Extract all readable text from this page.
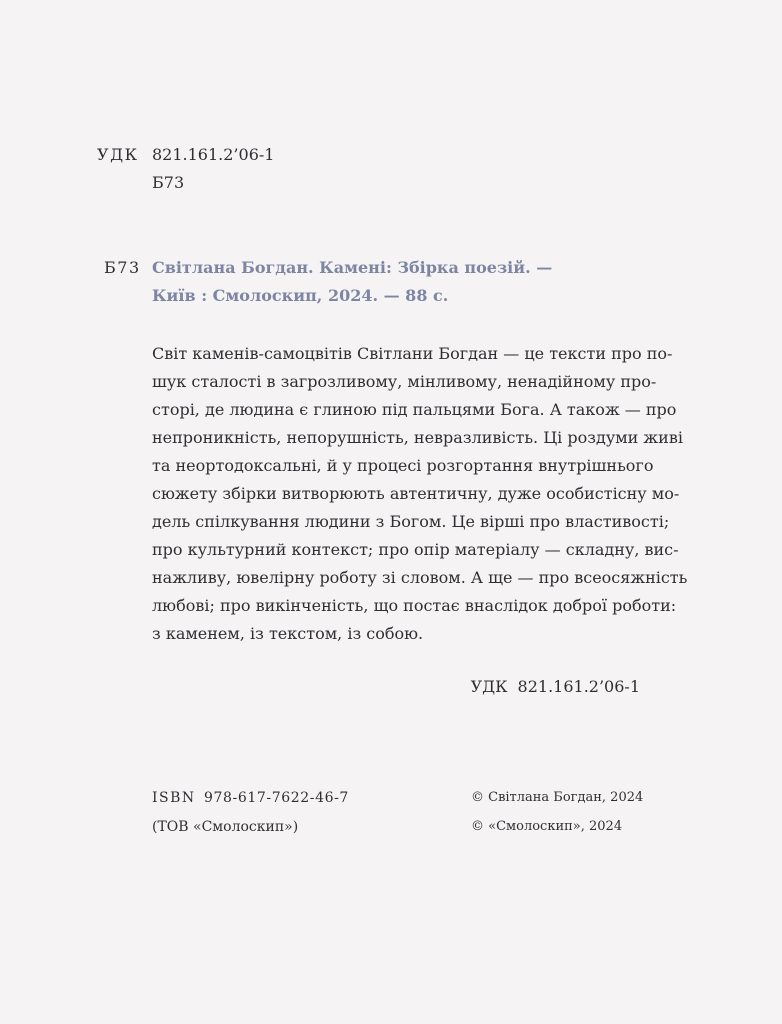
УДК 821.161.2’06-1
Б73
Б73 Світлана Богдан. Камені: Збірка поезій. —
Київ : Смолоскип, 2024. — 88 с.
Світ каменів-самоцвітів Світлани Богдан — це тексти про по-
шук сталості в загрозливому, мінливому, ненадійному про-
сторі, де людина є глиною під пальцями Бога. А також — про
непроникність, непорушність, невразливість. Ці роздуми живі
та неортодоксальні, й у процесі розгортання внутрішнього
сюжету збірки витворюють автентичну, дуже особистісну мо-
дель спілкування людини з Богом. Це вірші про властивості;
про культурний контекст; про опір матеріалу — складну, вис-
нажливу, ювелірну роботу зі словом. А ще — про всеосяжність
любові; про викінченість, що постає внаслідок доброї роботи:
з каменем, із текстом, із собою.
УДК 821.161.2’06-1
ISBN 978-617-7622-46-7
(ТОВ «Смолоскип»)
© Світлана Богдан, 2024
© «Смолоскип», 2024
